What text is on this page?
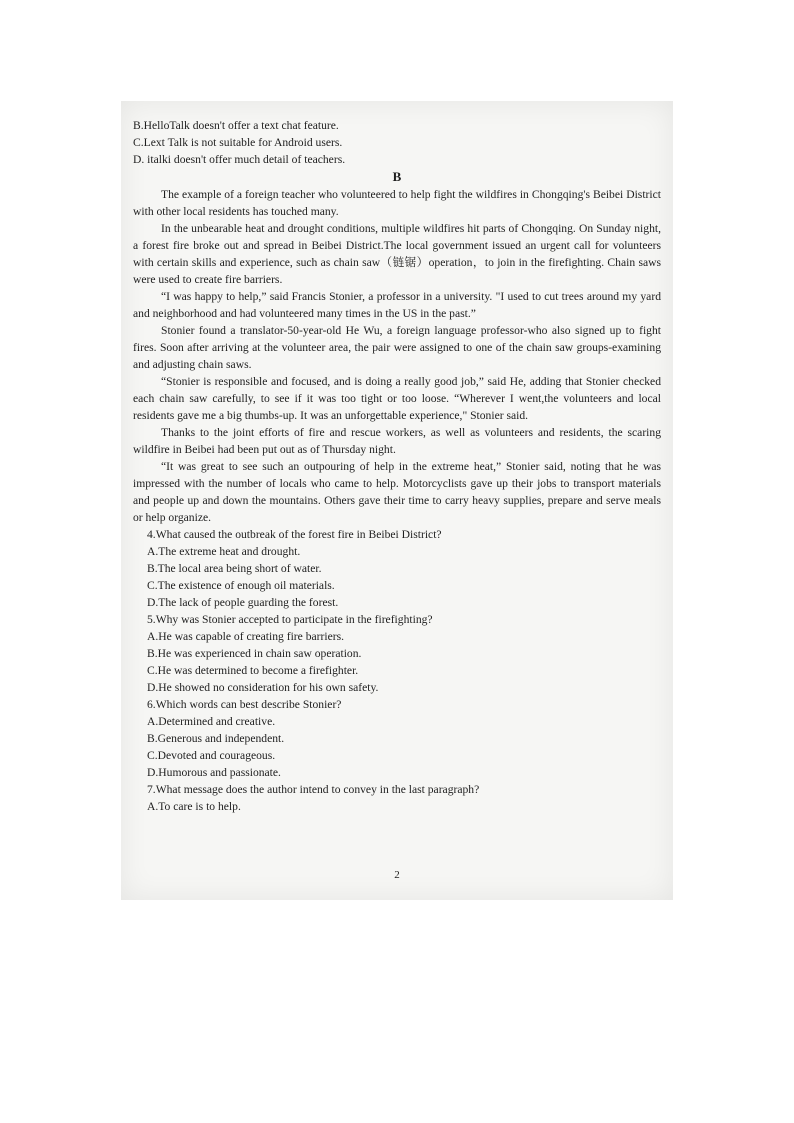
B.HelloTalk doesn't offer a text chat feature.

C.Lext Talk is not suitable for Android users.

D. italki doesn't offer much detail of teachers.

B

The example of a foreign teacher who volunteered to help fight the wildfires in Chongqing's Beibei District with other local residents has touched many.

In the unbearable heat and drought conditions, multiple wildfires hit parts of Chongqing. On Sunday night, a forest fire broke out and spread in Beibei District.The local government issued an urgent call for volunteers with certain skills and experience, such as chain saw（链锯）operation，to join in the firefighting. Chain saws were used to create fire barriers.

“I was happy to help,” said Francis Stonier, a professor in a university. "I used to cut trees around my yard and neighborhood and had volunteered many times in the US in the past.”

Stonier found a translator-50-year-old He Wu, a foreign language professor-who also signed up to fight fires. Soon after arriving at the volunteer area, the pair were assigned to one of the chain saw groups-examining and adjusting chain saws.

“Stonier is responsible and focused, and is doing a really good job,” said He, adding that Stonier checked each chain saw carefully, to see if it was too tight or too loose. “Wherever I went,the volunteers and local residents gave me a big thumbs-up. It was an unforgettable experience," Stonier said.

Thanks to the joint efforts of fire and rescue workers, as well as volunteers and residents, the scaring wildfire in Beibei had been put out as of Thursday night.

“It was great to see such an outpouring of help in the extreme heat,” Stonier said, noting that he was impressed with the number of locals who came to help. Motorcyclists gave up their jobs to transport materials and people up and down the mountains. Others gave their time to carry heavy supplies, prepare and serve meals or help organize.

4.What caused the outbreak of the forest fire in Beibei District?

A.The extreme heat and drought.

B.The local area being short of water.

C.The existence of enough oil materials.

D.The lack of people guarding the forest.

5.Why was Stonier accepted to participate in the firefighting?

A.He was capable of creating fire barriers.

B.He was experienced in chain saw operation.

C.He was determined to become a firefighter.

D.He showed no consideration for his own safety.

6.Which words can best describe Stonier?

A.Determined and creative.

B.Generous and independent.

C.Devoted and courageous.

D.Humorous and passionate.

7.What message does the author intend to convey in the last paragraph?

A.To care is to help.

2
